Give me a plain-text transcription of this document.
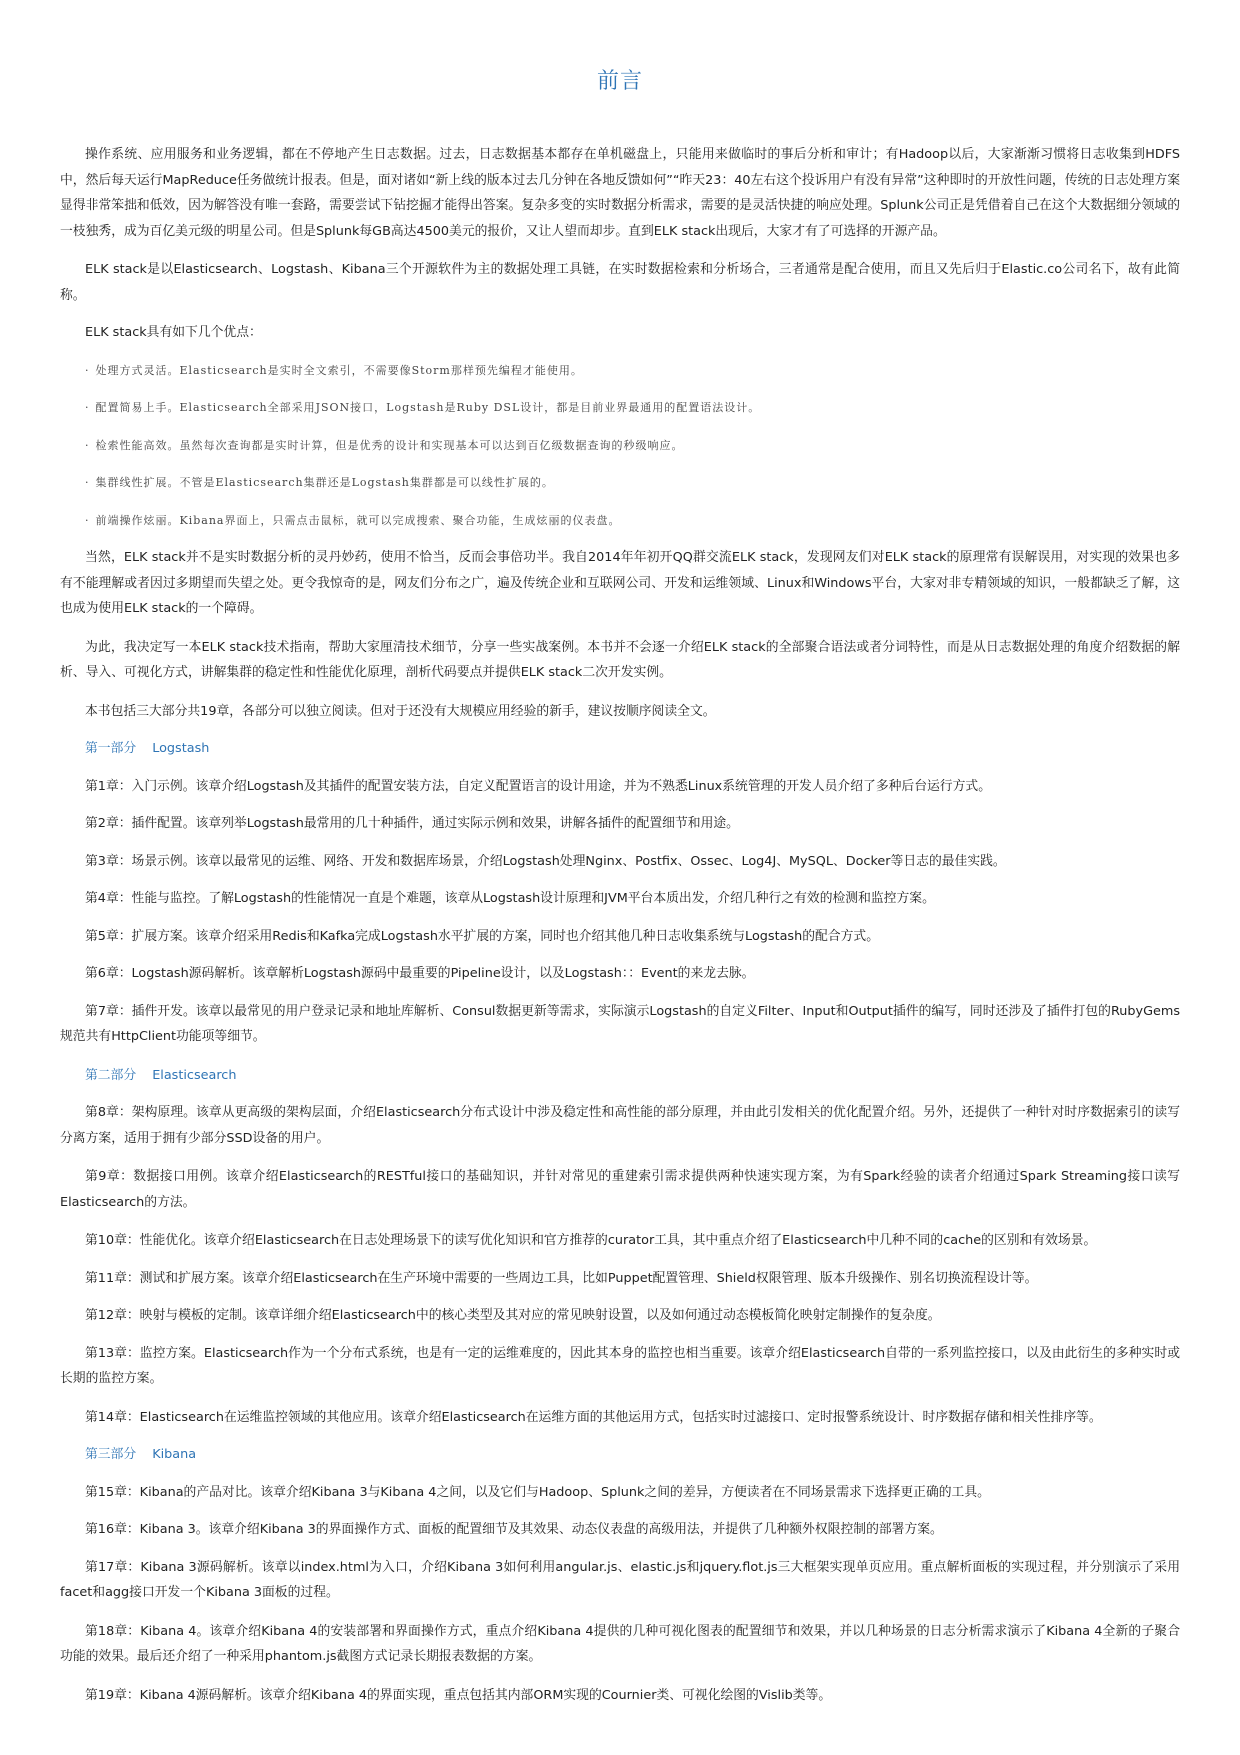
前言

操作系统、应用服务和业务逻辑，都在不停地产生日志数据。过去，日志数据基本都存在单机磁盘上，只能用来做临时的事后分析和审计；有Hadoop以后，大家渐渐习惯将日志收集到HDFS中，然后每天运行MapReduce任务做统计报表。但是，面对诸如“新上线的版本过去几分钟在各地反馈如何”“昨天23：40左右这个投诉用户有没有异常”这种即时的开放性问题，传统的日志处理方案显得非常笨拙和低效，因为解答没有唯一套路，需要尝试下钻挖掘才能得出答案。复杂多变的实时数据分析需求，需要的是灵活快捷的响应处理。Splunk公司正是凭借着自己在这个大数据细分领域的一枝独秀，成为百亿美元级的明星公司。但是Splunk每GB高达4500美元的报价，又让人望而却步。直到ELK stack出现后，大家才有了可选择的开源产品。

ELK stack是以Elasticsearch、Logstash、Kibana三个开源软件为主的数据处理工具链，在实时数据检索和分析场合，三者通常是配合使用，而且又先后归于Elastic.co公司名下，故有此简称。

ELK stack具有如下几个优点：

· 处理方式灵活。Elasticsearch是实时全文索引，不需要像Storm那样预先编程才能使用。
· 配置简易上手。Elasticsearch全部采用JSON接口，Logstash是Ruby DSL设计，都是目前业界最通用的配置语法设计。
· 检索性能高效。虽然每次查询都是实时计算，但是优秀的设计和实现基本可以达到百亿级数据查询的秒级响应。
· 集群线性扩展。不管是Elasticsearch集群还是Logstash集群都是可以线性扩展的。
· 前端操作炫丽。Kibana界面上，只需点击鼠标，就可以完成搜索、聚合功能，生成炫丽的仪表盘。

当然，ELK stack并不是实时数据分析的灵丹妙药，使用不恰当，反而会事倍功半。我自2014年年初开QQ群交流ELK stack，发现网友们对ELK stack的原理常有误解误用，对实现的效果也多有不能理解或者因过多期望而失望之处。更令我惊奇的是，网友们分布之广，遍及传统企业和互联网公司、开发和运维领域、Linux和Windows平台，大家对非专精领域的知识，一般都缺乏了解，这也成为使用ELK stack的一个障碍。

为此，我决定写一本ELK stack技术指南，帮助大家厘清技术细节，分享一些实战案例。本书并不会逐一介绍ELK stack的全部聚合语法或者分词特性，而是从日志数据处理的角度介绍数据的解析、导入、可视化方式，讲解集群的稳定性和性能优化原理，剖析代码要点并提供ELK stack二次开发实例。

本书包括三大部分共19章，各部分可以独立阅读。但对于还没有大规模应用经验的新手，建议按顺序阅读全文。

第一部分 Logstash

第1章：入门示例。该章介绍Logstash及其插件的配置安装方法，自定义配置语言的设计用途，并为不熟悉Linux系统管理的开发人员介绍了多种后台运行方式。

第2章：插件配置。该章列举Logstash最常用的几十种插件，通过实际示例和效果，讲解各插件的配置细节和用途。

第3章：场景示例。该章以最常见的运维、网络、开发和数据库场景，介绍Logstash处理Nginx、Postfix、Ossec、Log4J、MySQL、Docker等日志的最佳实践。

第4章：性能与监控。了解Logstash的性能情况一直是个难题，该章从Logstash设计原理和JVM平台本质出发，介绍几种行之有效的检测和监控方案。

第5章：扩展方案。该章介绍采用Redis和Kafka完成Logstash水平扩展的方案，同时也介绍其他几种日志收集系统与Logstash的配合方式。

第6章：Logstash源码解析。该章解析Logstash源码中最重要的Pipeline设计，以及Logstash：：Event的来龙去脉。

第7章：插件开发。该章以最常见的用户登录记录和地址库解析、Consul数据更新等需求，实际演示Logstash的自定义Filter、Input和Output插件的编写，同时还涉及了插件打包的RubyGems规范共有HttpClient功能项等细节。

第二部分 Elasticsearch

第8章：架构原理。该章从更高级的架构层面，介绍Elasticsearch分布式设计中涉及稳定性和高性能的部分原理，并由此引发相关的优化配置介绍。另外，还提供了一种针对时序数据索引的读写分离方案，适用于拥有少部分SSD设备的用户。

第9章：数据接口用例。该章介绍Elasticsearch的RESTful接口的基础知识，并针对常见的重建索引需求提供两种快速实现方案，为有Spark经验的读者介绍通过Spark Streaming接口读写Elasticsearch的方法。

第10章：性能优化。该章介绍Elasticsearch在日志处理场景下的读写优化知识和官方推荐的curator工具，其中重点介绍了Elasticsearch中几种不同的cache的区别和有效场景。

第11章：测试和扩展方案。该章介绍Elasticsearch在生产环境中需要的一些周边工具，比如Puppet配置管理、Shield权限管理、版本升级操作、别名切换流程设计等。

第12章：映射与模板的定制。该章详细介绍Elasticsearch中的核心类型及其对应的常见映射设置，以及如何通过动态模板简化映射定制操作的复杂度。

第13章：监控方案。Elasticsearch作为一个分布式系统，也是有一定的运维难度的，因此其本身的监控也相当重要。该章介绍Elasticsearch自带的一系列监控接口，以及由此衍生的多种实时或长期的监控方案。

第14章：Elasticsearch在运维监控领域的其他应用。该章介绍Elasticsearch在运维方面的其他运用方式，包括实时过滤接口、定时报警系统设计、时序数据存储和相关性排序等。

第三部分 Kibana

第15章：Kibana的产品对比。该章介绍Kibana 3与Kibana 4之间，以及它们与Hadoop、Splunk之间的差异，方便读者在不同场景需求下选择更正确的工具。

第16章：Kibana 3。该章介绍Kibana 3的界面操作方式、面板的配置细节及其效果、动态仪表盘的高级用法，并提供了几种额外权限控制的部署方案。

第17章：Kibana 3源码解析。该章以index.html为入口，介绍Kibana 3如何利用angular.js、elastic.js和jquery.flot.js三大框架实现单页应用。重点解析面板的实现过程，并分别演示了采用facet和agg接口开发一个Kibana 3面板的过程。

第18章：Kibana 4。该章介绍Kibana 4的安装部署和界面操作方式，重点介绍Kibana 4提供的几种可视化图表的配置细节和效果，并以几种场景的日志分析需求演示了Kibana 4全新的子聚合功能的效果。最后还介绍了一种采用phantom.js截图方式记录长期报表数据的方案。

第19章：Kibana 4源码解析。该章介绍Kibana 4的界面实现，重点包括其内部ORM实现的Cournier类、可视化绘图的Vislib类等。
